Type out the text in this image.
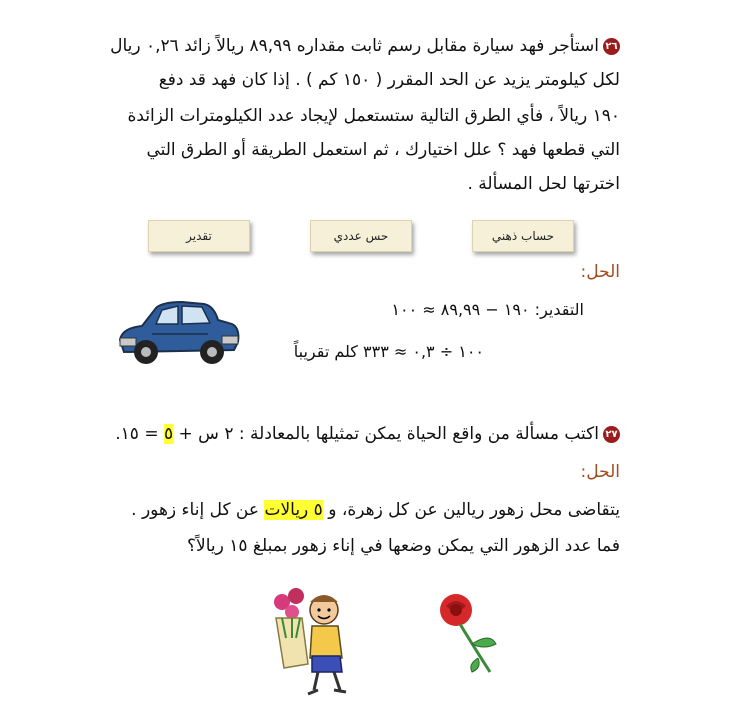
٢٦استأجر فهد سيارة مقابل رسم ثابت مقداره ٨٩,٩٩ ريالاً زائد ٠,٢٦ ريال
لكل كيلومتر يزيد عن الحد المقرر ( ١٥٠ كم ) . إذا كان فهد قد دفع
١٩٠ ريالاً ، فأي الطرق التالية ستستعمل لإيجاد عدد الكيلومترات الزائدة
التي قطعها فهد ؟ علل اختيارك ، ثم استعمل الطريقة أو الطرق التي
اخترتها لحل المسألة .
حساب ذهني
حس عددي
تقدير
الحل:
التقدير: ١٩٠ − ٨٩,٩٩ ≈ ١٠٠
١٠٠ ÷ ٠,٣ ≈ ٣٣٣ كلم تقريباً
٢٧اكتب مسألة من واقع الحياة يمكن تمثيلها بالمعادلة : ٢ س + ٥ = ١٥.
الحل:
يتقاضى محل زهور ريالين عن كل زهرة، و ٥ ريالات عن كل إناء زهور .
فما عدد الزهور التي يمكن وضعها في إناء زهور بمبلغ ١٥ ريالاً؟
